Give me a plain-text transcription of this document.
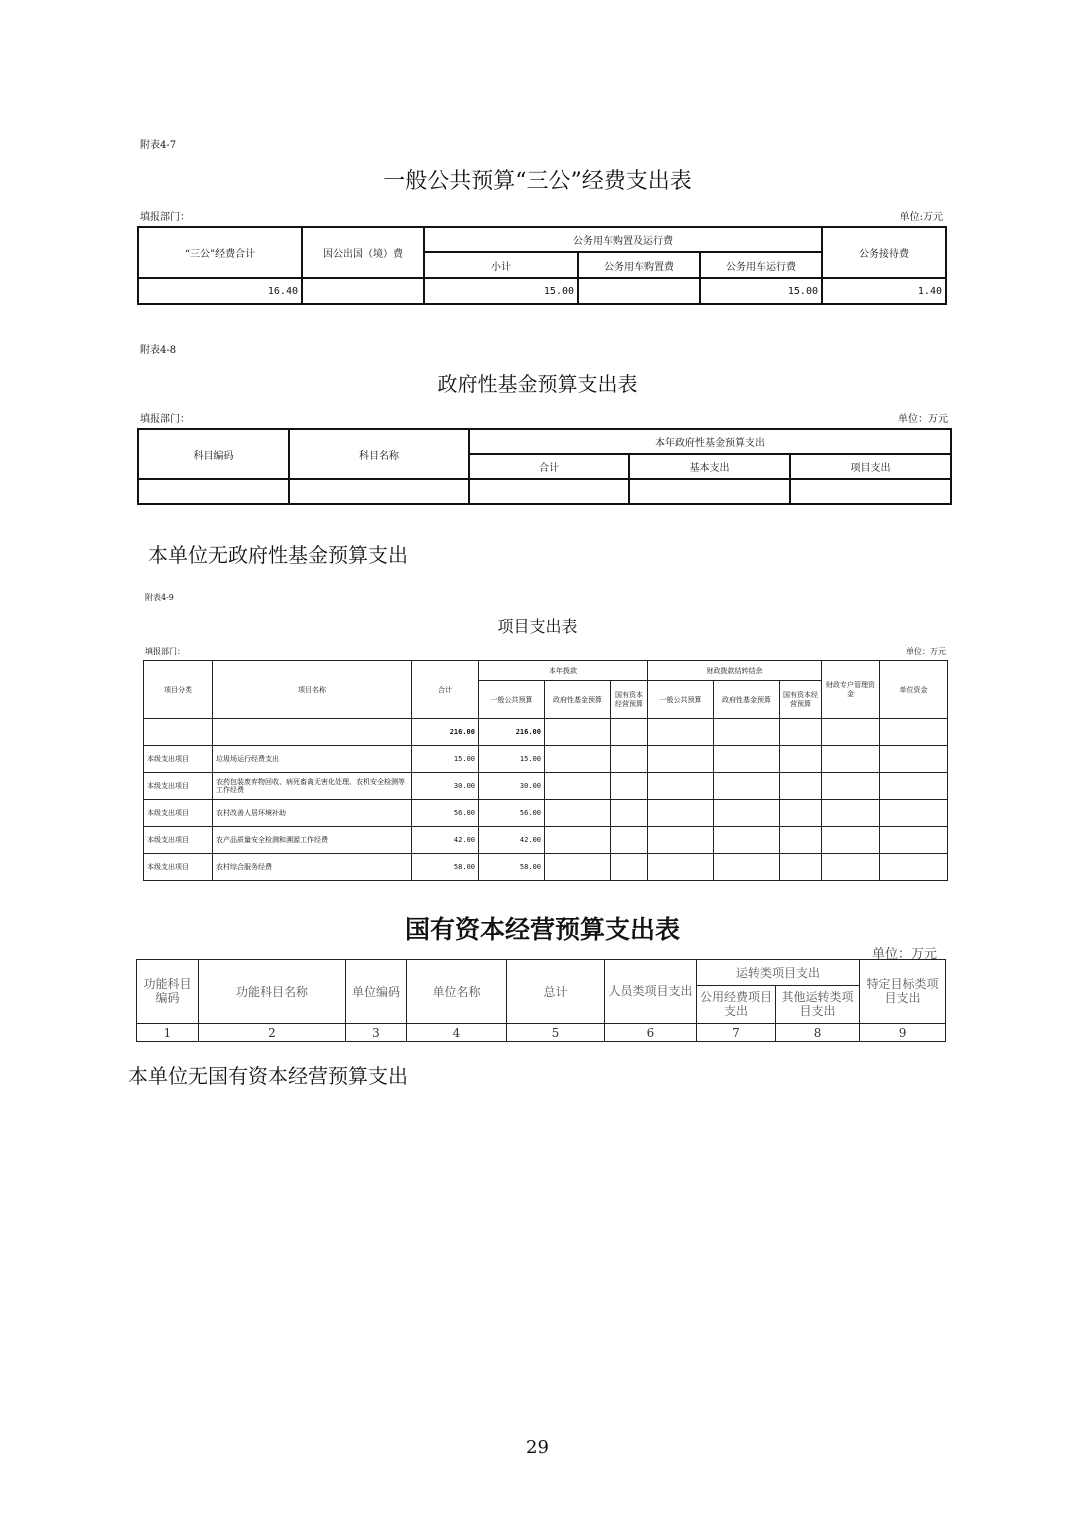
附表4-7
一般公共预算“三公”经费支出表
填报部门：	单位:万元
“三公”经费合计	因公出国（境）费	公务用车购置及运行费			公务接待费
		小计	公务用车购置费	公务用车运行费	
16.40		15.00		15.00	1.40
附表4-8
政府性基金预算支出表
填报部门：	单位：万元
科目编码	科目名称	本年政府性基金预算支出		
		合计	基本支出	项目支出

本单位无政府性基金预算支出
附表4-9
项目支出表
填报部门：	单位：万元
项目分类	项目名称	合计	本年拨款			财政拨款结转结余			财政专户管理资金	单位资金
			一般公共预算	政府性基金预算	国有资本经营预算	一般公共预算	政府性基金预算	国有资本经营预算		
		216.00	216.00							
本级支出项目	垃圾场运行经费支出	15.00	15.00							
本级支出项目	农药包装废弃物回收、病死畜禽无害化处理、农机安全检测等工作经费	30.00	30.00							
本级支出项目	农村改善人居环境补助	56.00	56.00							
本级支出项目	农产品质量安全检测和溯源工作经费	42.00	42.00							
本级支出项目	农村综合服务经费	58.00	58.00							
国有资本经营预算支出表
单位：万元
功能科目编码	功能科目名称	单位编码	单位名称	总计	人员类项目支出	运转类项目支出		特定目标类项目支出
						公用经费项目支出	其他运转类项目支出	
1	2	3	4	5	6	7	8	9
本单位无国有资本经营预算支出
29
